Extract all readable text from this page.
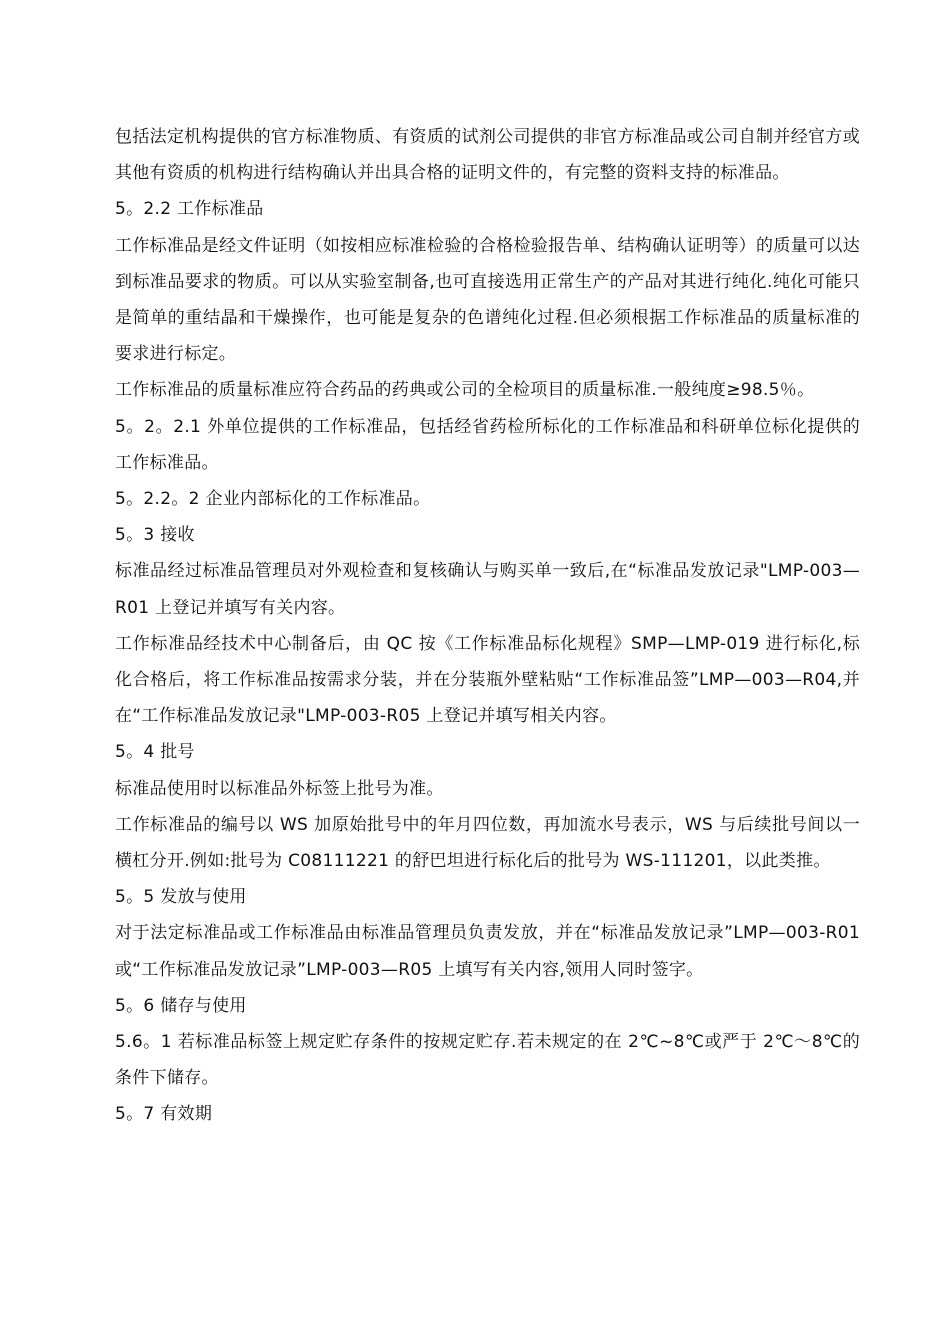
包括法定机构提供的官方标准物质、有资质的试剂公司提供的非官方标准品或公司自制并经官方或其他有资质的机构进行结构确认并出具合格的证明文件的，有完整的资料支持的标准品。

5。2.2 工作标准品

工作标准品是经文件证明（如按相应标准检验的合格检验报告单、结构确认证明等）的质量可以达到标准品要求的物质。可以从实验室制备,也可直接选用正常生产的产品对其进行纯化.纯化可能只是简单的重结晶和干燥操作，也可能是复杂的色谱纯化过程.但必须根据工作标准品的质量标准的要求进行标定。

工作标准品的质量标准应符合药品的药典或公司的全检项目的质量标准.一般纯度≥98.5％。

5。2。2.1 外单位提供的工作标准品，包括经省药检所标化的工作标准品和科研单位标化提供的工作标准品。

5。2.2。2 企业内部标化的工作标准品。

5。3 接收

标准品经过标准品管理员对外观检查和复核确认与购买单一致后,在“标准品发放记录"LMP-003—R01 上登记并填写有关内容。

工作标准品经技术中心制备后，由 QC 按《工作标准品标化规程》SMP—LMP-019 进行标化,标化合格后，将工作标准品按需求分装，并在分装瓶外壁粘贴“工作标准品签”LMP—003—R04,并在“工作标准品发放记录"LMP-003-R05 上登记并填写相关内容。

5。4 批号

标准品使用时以标准品外标签上批号为准。

工作标准品的编号以 WS 加原始批号中的年月四位数，再加流水号表示，WS 与后续批号间以一横杠分开.例如:批号为 C08111221 的舒巴坦进行标化后的批号为 WS-111201，以此类推。

5。5 发放与使用

对于法定标准品或工作标准品由标准品管理员负责发放，并在“标准品发放记录”LMP—003-R01 或“工作标准品发放记录”LMP-003—R05 上填写有关内容,领用人同时签字。

5。6 储存与使用

5.6。1 若标准品标签上规定贮存条件的按规定贮存.若未规定的在 2℃~8℃或严于 2℃～8℃的条件下储存。

5。7 有效期
